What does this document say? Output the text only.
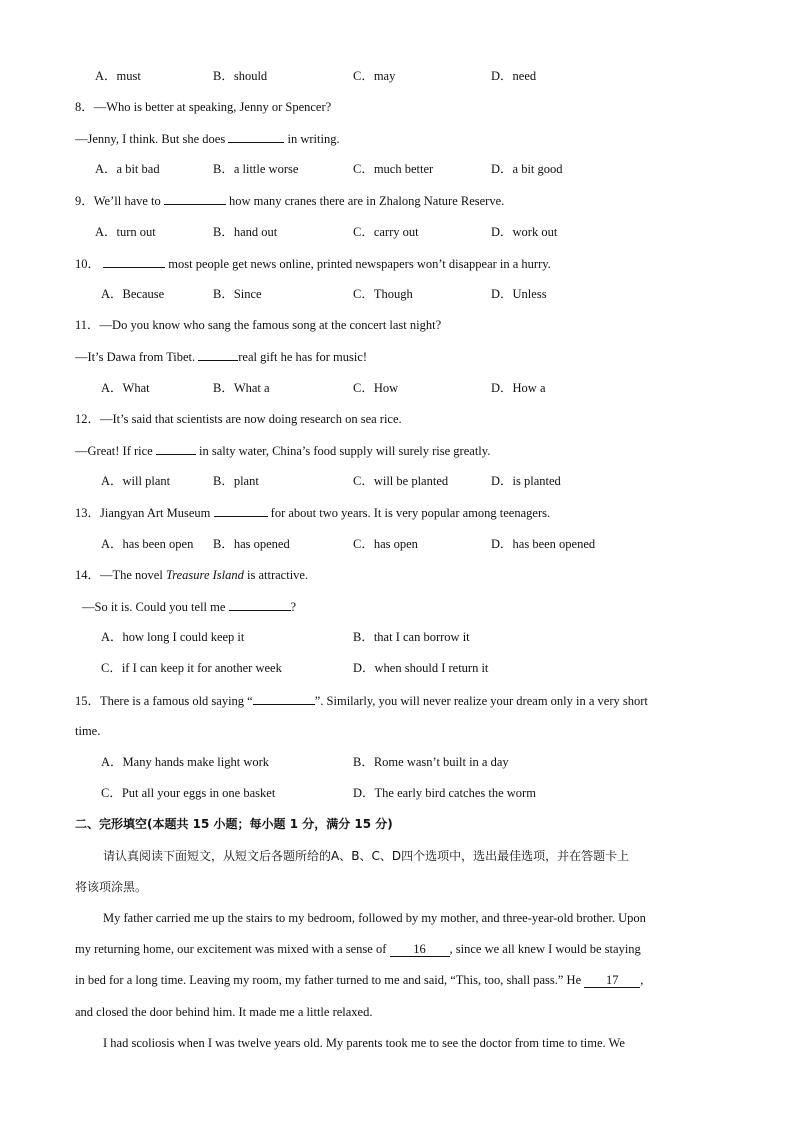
A．must	B．should	C．may	D．need
8．—Who is better at speaking, Jenny or Spencer?
—Jenny, I think. But she does	in writing.
A．a bit bad	B．a little worse	C．much better	D．a bit good
9．We’ll have to	how many cranes there are in Zhalong Nature Reserve.
A．turn out	B．hand out	C．carry out	D．work out
10．	most people get news online, printed newspapers won’t disappear in a hurry.
A．Because	B．Since	C．Though	D．Unless
11．—Do you know who sang the famous song at the concert last night?
—It’s Dawa from Tibet.	real gift he has for music!
A．What	B．What a	C．How	D．How a
12．—It’s said that scientists are now doing research on sea rice.
—Great! If rice	in salty water, China’s food supply will surely rise greatly.
A．will plant	B．plant	C．will be planted	D．is planted
13．Jiangyan Art Museum	for about two years. It is very popular among teenagers.
A．has been open B．has opened	C．has open	D．has been opened
14．—The novel Treasure Island is attractive.
—So it is. Could you tell me	?
A．how long I could keep it	B．that I can borrow it
C．if I can keep it for another week	D．when should I return it
15．There is a famous old saying “	”. Similarly, you will never realize your dream only in a very short
time.
A．Many hands make light work	B．Rome wasn’t built in a day
C．Put all your eggs in one basket	D．The early bird catches the worm
二、完形填空(本题共 15 小题；每小题 1 分，满分 15 分)
请认真阅读下面短文，从短文后各题所给的A、B、C、D四个选项中，选出最佳选项，并在答题卡上
将该项涂黑。
My father carried me up the stairs to my bedroom, followed by my mother, and three-year-old brother. Upon
my returning home, our excitement was mixed with a sense of 16 , since we all knew I would be staying
in bed for a long time. Leaving my room, my father turned to me and said, “This, too, shall pass.” He 17 ,
and closed the door behind him. It made me a little relaxed.
I had scoliosis when I was twelve years old. My parents took me to see the doctor from time to time. We
